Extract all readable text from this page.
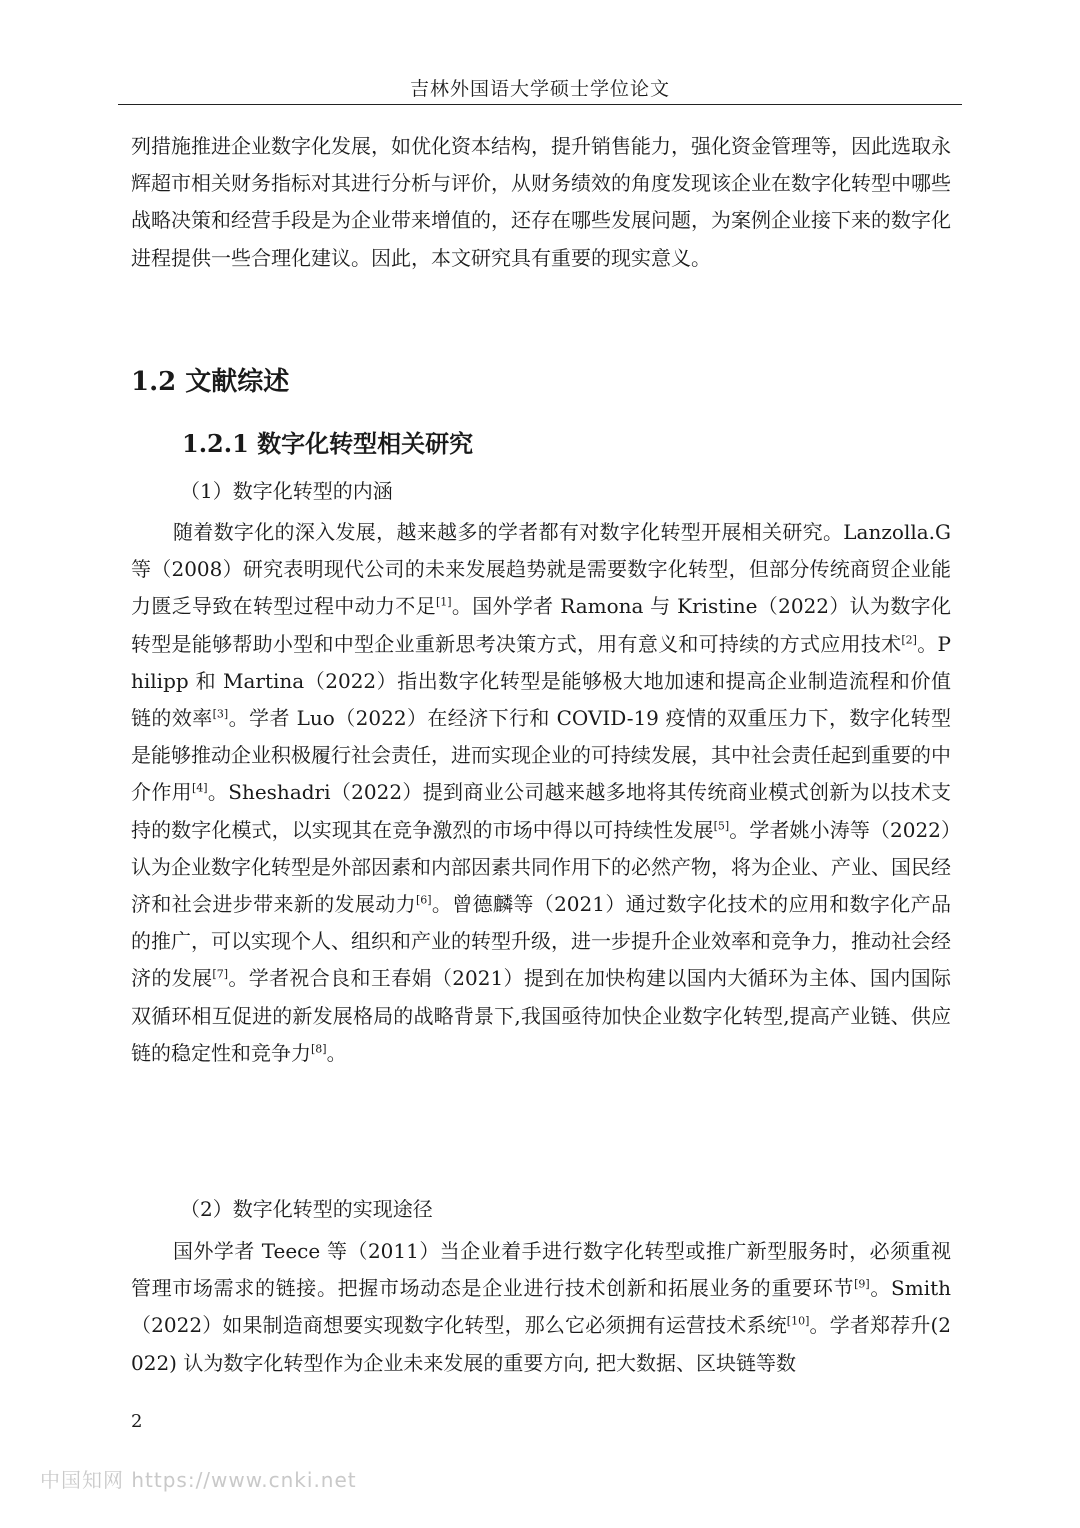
吉林外国语大学硕士学位论文

列措施推进企业数字化发展，如优化资本结构，提升销售能力，强化资金管理等，因此选取永辉超市相关财务指标对其进行分析与评价，从财务绩效的角度发现该企业在数字化转型中哪些战略决策和经营手段是为企业带来增值的，还存在哪些发展问题，为案例企业接下来的数字化进程提供一些合理化建议。因此，本文研究具有重要的现实意义。

1.2 文献综述
1.2.1 数字化转型相关研究
（1）数字化转型的内涵

随着数字化的深入发展，越来越多的学者都有对数字化转型开展相关研究。Lanzolla.G 等（2008）研究表明现代公司的未来发展趋势就是需要数字化转型，但部分传统商贸企业能力匮乏导致在转型过程中动力不足[1]。国外学者 Ramona 与 Kristine（2022）认为数字化转型是能够帮助小型和中型企业重新思考决策方式，用有意义和可持续的方式应用技术[2]。Philipp 和 Martina（2022）指出数字化转型是能够极大地加速和提高企业制造流程和价值链的效率[3]。学者 Luo（2022）在经济下行和 COVID-19 疫情的双重压力下，数字化转型是能够推动企业积极履行社会责任，进而实现企业的可持续发展，其中社会责任起到重要的中介作用[4]。Sheshadri（2022）提到商业公司越来越多地将其传统商业模式创新为以技术支持的数字化模式，以实现其在竞争激烈的市场中得以可持续性发展[5]。学者姚小涛等（2022）认为企业数字化转型是外部因素和内部因素共同作用下的必然产物，将为企业、产业、国民经济和社会进步带来新的发展动力[6]。曾德麟等（2021）通过数字化技术的应用和数字化产品的推广，可以实现个人、组织和产业的转型升级，进一步提升企业效率和竞争力，推动社会经济的发展[7]。学者祝合良和王春娟（2021）提到在加快构建以国内大循环为主体、国内国际双循环相互促进的新发展格局的战略背景下,我国亟待加快企业数字化转型,提高产业链、供应链的稳定性和竞争力[8]。

（2）数字化转型的实现途径

国外学者 Teece 等（2011）当企业着手进行数字化转型或推广新型服务时，必须重视管理市场需求的链接。把握市场动态是企业进行技术创新和拓展业务的重要环节[9]。Smith（2022）如果制造商想要实现数字化转型，那么它必须拥有运营技术系统[10]。学者郑荐升(2022) 认为数字化转型作为企业未来发展的重要方向, 把大数据、区块链等数

2
中国知网 https://www.cnki.net
